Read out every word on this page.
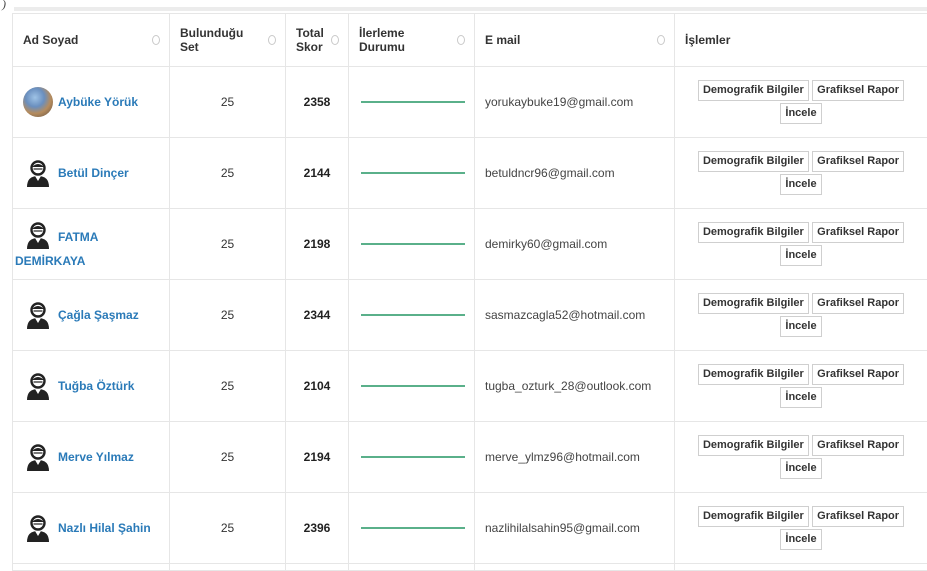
)
Ad Soyad	Bulunduğu Set	Total Skor	İlerleme Durumu	E mail	İşlemler

Aybüke Yörük	25	2358		yorukaybuke19@gmail.com	Demografik Bilgiler Grafiksel Rapor
İncele

Betül Dinçer	25	2144		betuldncr96@gmail.com	Demografik Bilgiler Grafiksel Rapor
İncele

FATMA
DEMİRKAYA	25	2198		demirky60@gmail.com	Demografik Bilgiler Grafiksel Rapor
İncele

Çağla Şaşmaz	25	2344		sasmazcagla52@hotmail.com	Demografik Bilgiler Grafiksel Rapor
İncele

Tuğba Öztürk	25	2104		tugba_ozturk_28@outlook.com	Demografik Bilgiler Grafiksel Rapor
İncele

Merve Yılmaz	25	2194		merve_ylmz96@hotmail.com	Demografik Bilgiler Grafiksel Rapor
İncele

Nazlı Hilal Şahin	25	2396		nazlihilalsahin95@gmail.com	Demografik Bilgiler Grafiksel Rapor
İncele
